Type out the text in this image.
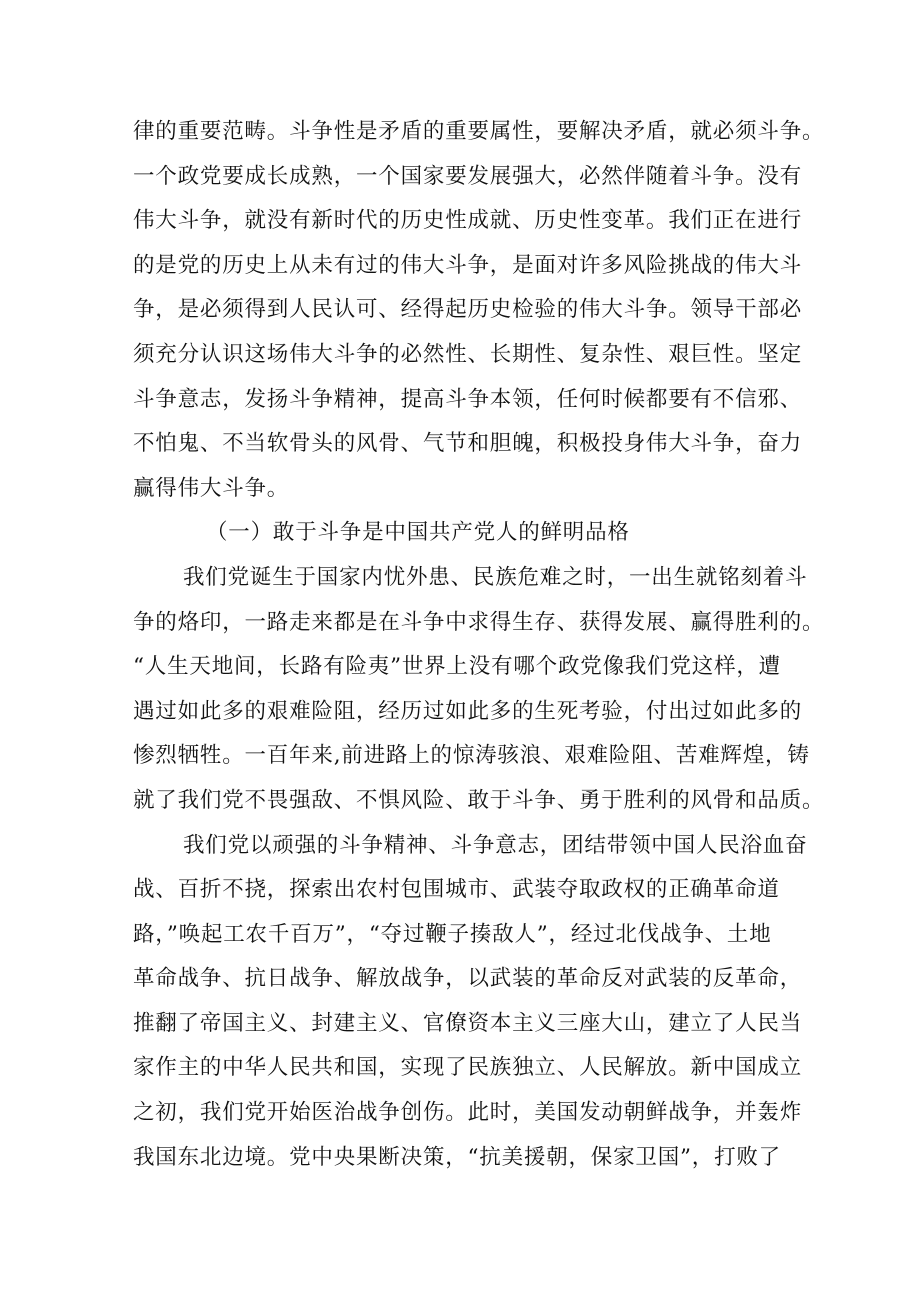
律的重要范畴。斗争性是矛盾的重要属性，要解决矛盾，就必须斗争。
一个政党要成长成熟，一个国家要发展强大，必然伴随着斗争。没有
伟大斗争，就没有新时代的历史性成就、历史性变革。我们正在进行
的是党的历史上从未有过的伟大斗争，是面对许多风险挑战的伟大斗
争，是必须得到人民认可、经得起历史检验的伟大斗争。领导干部必
须充分认识这场伟大斗争的必然性、长期性、复杂性、艰巨性。坚定
斗争意志，发扬斗争精神，提高斗争本领，任何时候都要有不信邪、
不怕鬼、不当软骨头的风骨、气节和胆魄，积极投身伟大斗争，奋力
赢得伟大斗争。
（一）敢于斗争是中国共产党人的鲜明品格
我们党诞生于国家内忧外患、民族危难之时，一出生就铭刻着斗
争的烙印，一路走来都是在斗争中求得生存、获得发展、赢得胜利的。
“人生天地间，长路有险夷”世界上没有哪个政党像我们党这样，遭
遇过如此多的艰难险阻，经历过如此多的生死考验，付出过如此多的
惨烈牺牲。一百年来,前进路上的惊涛骇浪、艰难险阻、苦难辉煌，铸
就了我们党不畏强敌、不惧风险、敢于斗争、勇于胜利的风骨和品质。
我们党以顽强的斗争精神、斗争意志，团结带领中国人民浴血奋
战、百折不挠，探索出农村包围城市、武装夺取政权的正确革命道
路，”唤起工农千百万”，“夺过鞭子揍敌人”，经过北伐战争、土地
革命战争、抗日战争、解放战争，以武装的革命反对武装的反革命，
推翻了帝国主义、封建主义、官僚资本主义三座大山，建立了人民当
家作主的中华人民共和国，实现了民族独立、人民解放。新中国成立
之初，我们党开始医治战争创伤。此时，美国发动朝鲜战争，并轰炸
我国东北边境。党中央果断决策，“抗美援朝，保家卫国”，打败了
